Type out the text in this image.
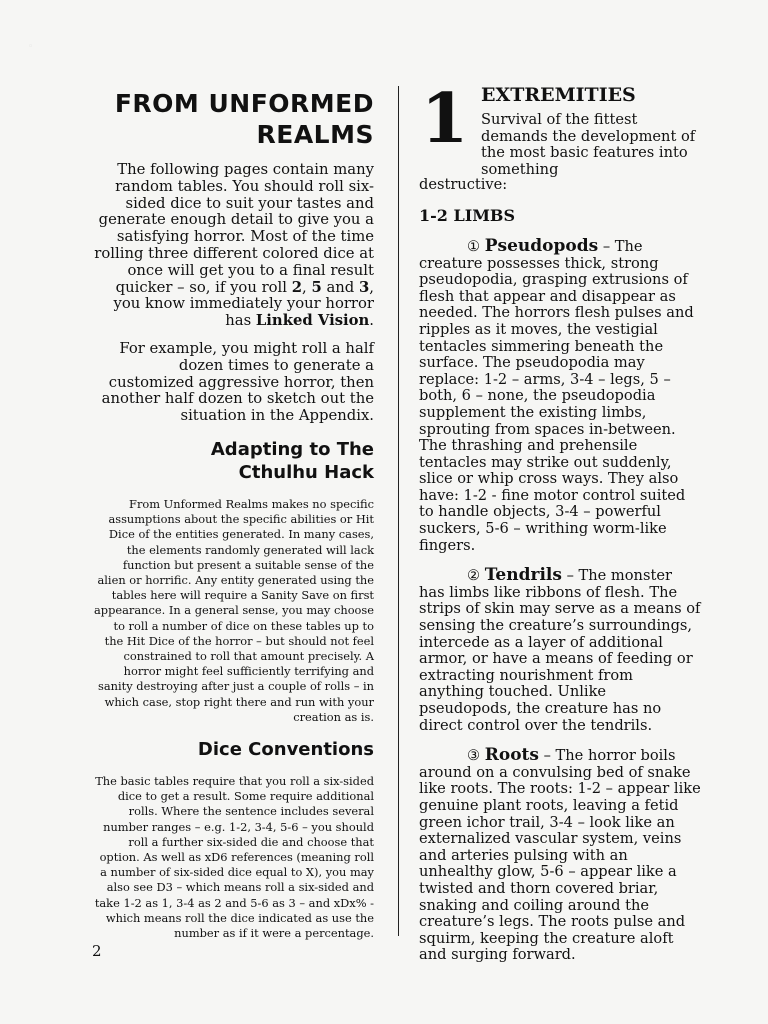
◦
FROM UNFORMED
REALMS

The following pages contain many random tables. You should roll six-sided dice to suit your tastes and generate enough detail to give you a satisfying horror. Most of the time rolling three different colored dice at once will get you to a final result quicker – so, if you roll 2, 5 and 3, you know immediately your horror has Linked Vision.

For example, you might roll a half dozen times to generate a customized aggressive horror, then another half dozen to sketch out the situation in the Appendix.

Adapting to The
Cthulhu Hack

From Unformed Realms makes no specific assumptions about the specific abilities or Hit Dice of the entities generated. In many cases, the elements randomly generated will lack function but present a suitable sense of the alien or horrific. Any entity generated using the tables here will require a Sanity Save on first appearance. In a general sense, you may choose to roll a number of dice on these tables up to the Hit Dice of the horror – but should not feel constrained to roll that amount precisely. A horror might feel sufficiently terrifying and sanity destroying after just a couple of rolls – in which case, stop right there and run with your creation as is.

Dice Conventions

The basic tables require that you roll a six-sided dice to get a result. Some require additional rolls. Where the sentence includes several number ranges – e.g. 1-2, 3-4, 5-6 – you should roll a further six-sided die and choose that option. As well as xD6 references (meaning roll a number of six-sided dice equal to X), you may also see D3 – which means roll a six-sided and take 1-2 as 1, 3-4 as 2 and 5-6 as 3 – and xDx% - which means roll the dice indicated as use the number as if it were a percentage.

1 EXTREMITIES

Survival of the fittest demands the development of the most basic features into something

destructive:

1-2 LIMBS

① Pseudopods – The
creature possesses thick, strong pseudopodia, grasping extrusions of flesh that appear and disappear as needed. The horrors flesh pulses and ripples as it moves, the vestigial tentacles simmering beneath the surface. The pseudopodia may replace: 1-2 – arms, 3-4 – legs, 5 – both, 6 – none, the pseudopodia supplement the existing limbs, sprouting from spaces in-between. The thrashing and prehensile tentacles may strike out suddenly, slice or whip cross ways. They also have: 1-2 - fine motor control suited to handle objects, 3-4 – powerful suckers, 5-6 – writhing worm-like fingers.

② Tendrils – The monster
has limbs like ribbons of flesh. The strips of skin may serve as a means of sensing the creature’s surroundings, intercede as a layer of additional armor, or have a means of feeding or extracting nourishment from anything touched. Unlike pseudopods, the creature has no direct control over the tendrils.

③ Roots – The horror boils
around on a convulsing bed of snake like roots. The roots: 1-2 – appear like genuine plant roots, leaving a fetid green ichor trail, 3-4 – look like an externalized vascular system, veins and arteries pulsing with an unhealthy glow, 5-6 – appear like a twisted and thorn covered briar, snaking and coiling around the creature’s legs. The roots pulse and squirm, keeping the creature aloft and surging forward.

2
